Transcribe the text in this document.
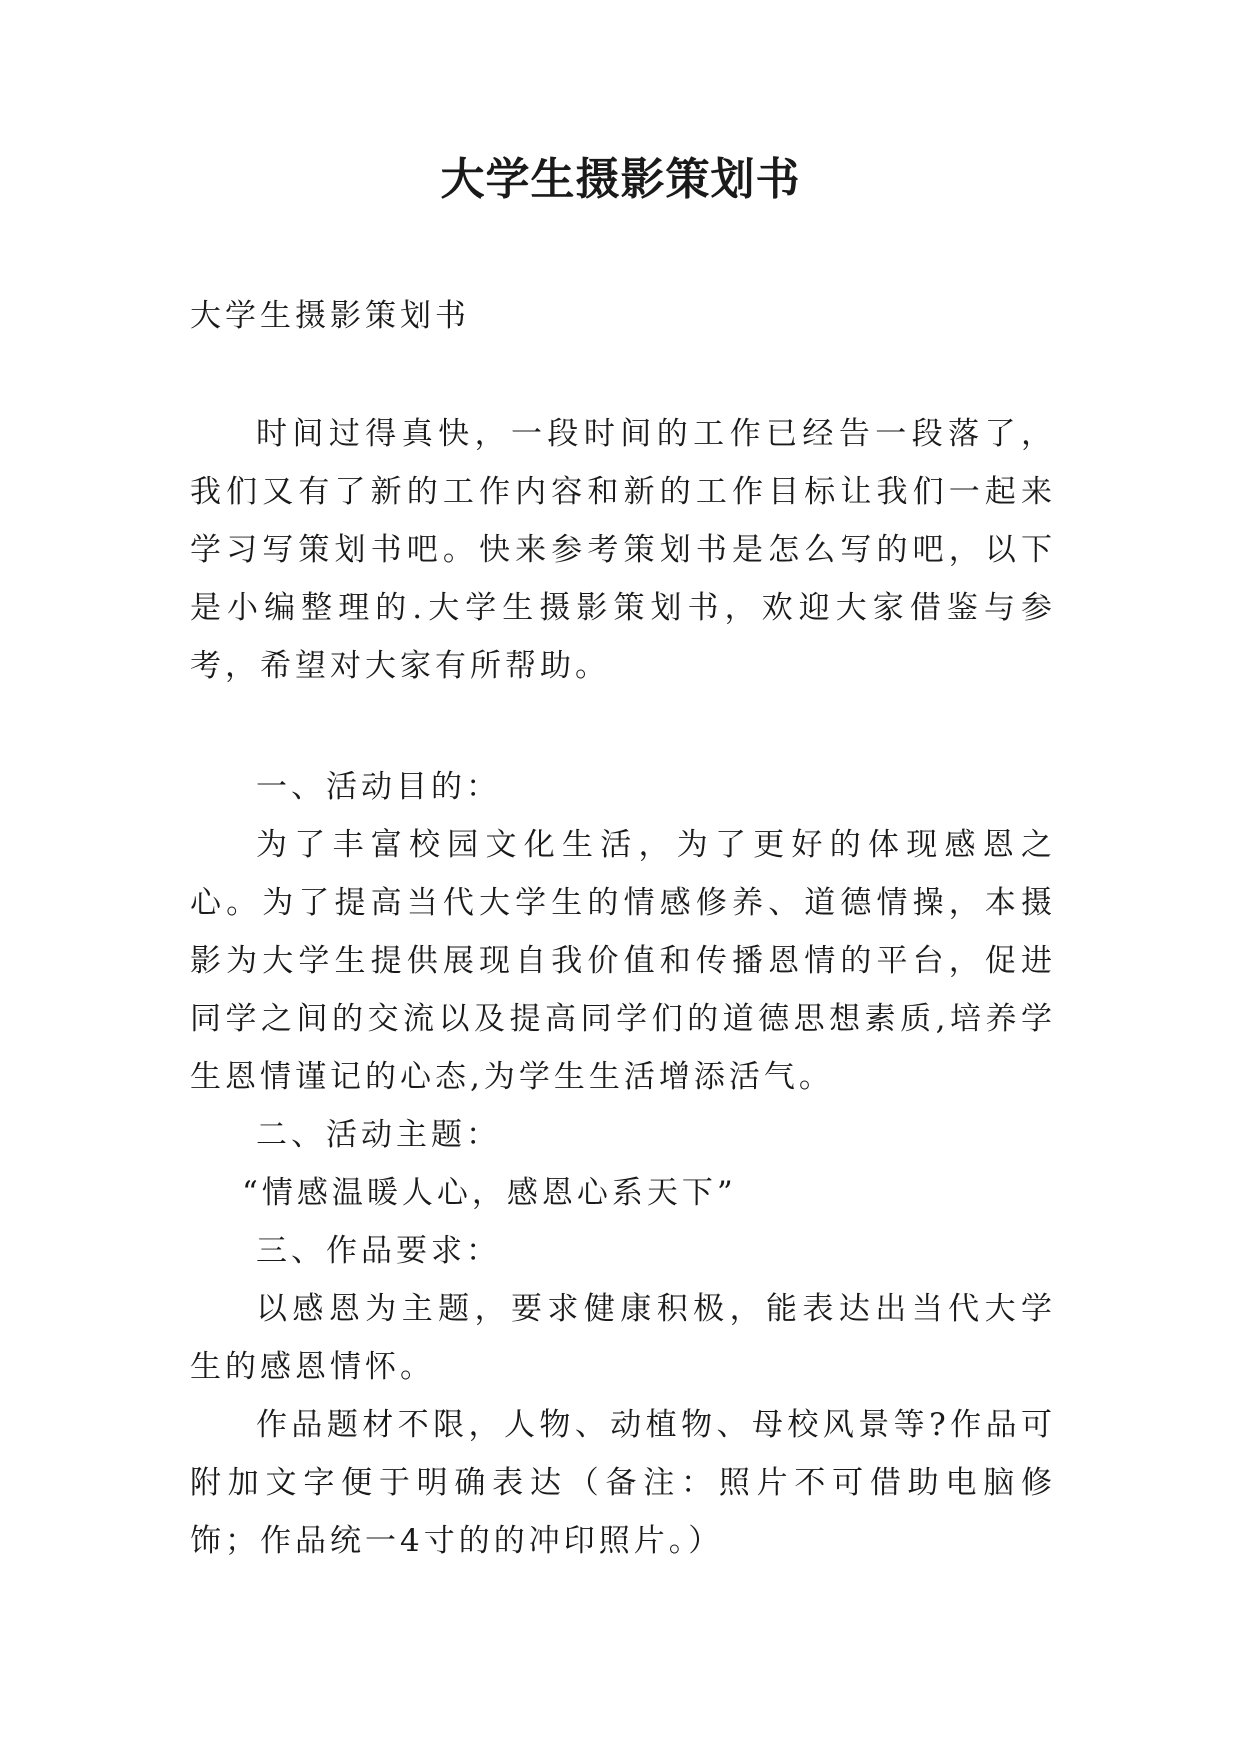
大学生摄影策划书

大学生摄影策划书

时间过得真快，一段时间的工作已经告一段落了，我们又有了新的工作内容和新的工作目标让我们一起来学习写策划书吧。快来参考策划书是怎么写的吧，以下是小编整理的.大学生摄影策划书，欢迎大家借鉴与参考，希望对大家有所帮助。

一、活动目的：

为了丰富校园文化生活，为了更好的体现感恩之心。为了提高当代大学生的情感修养、道德情操，本摄影为大学生提供展现自我价值和传播恩情的平台，促进同学之间的交流以及提高同学们的道德思想素质,培养学生恩情谨记的心态,为学生生活增添活气。

二、活动主题：

“情感温暖人心，感恩心系天下”

三、作品要求：

以感恩为主题，要求健康积极，能表达出当代大学生的感恩情怀。

作品题材不限，人物、动植物、母校风景等?作品可附加文字便于明确表达（备注：照片不可借助电脑修饰；作品统一4寸的的冲印照片。）
